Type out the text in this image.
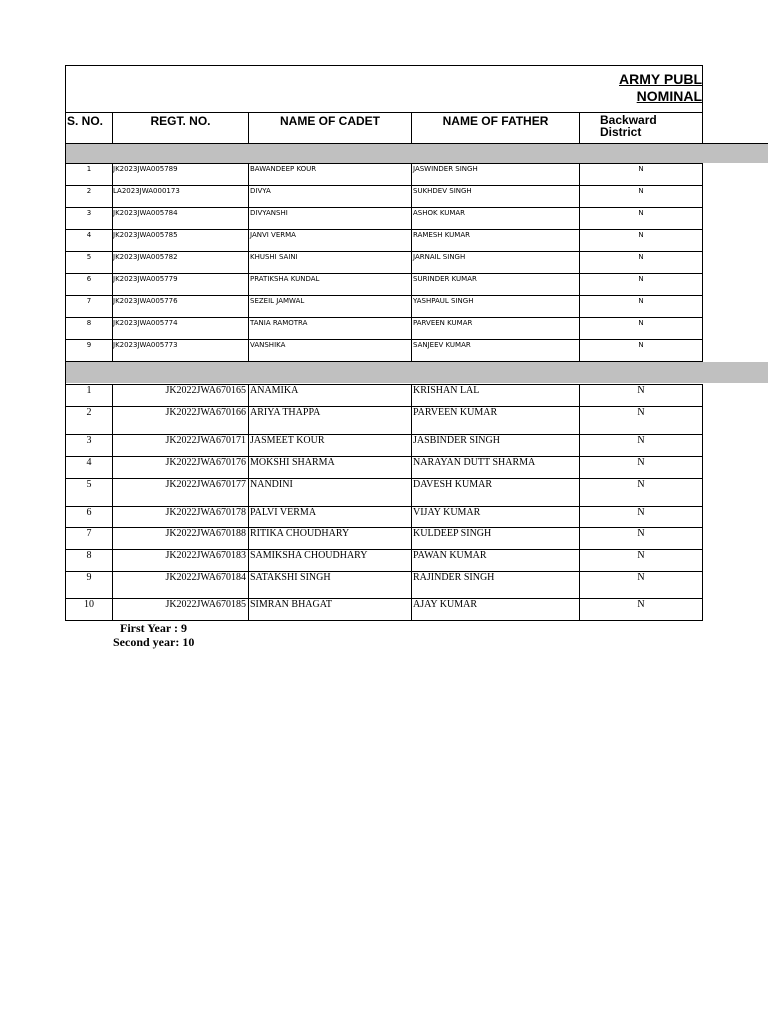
ARMY PUBL
NOMINAL
S. NO.	REGT. NO.	NAME OF CADET	NAME OF FATHER	Backward
District
1	JK2023JWA005789	BAWANDEEP KOUR	JASWINDER SINGH	N
2	LA2023JWA000173	DIVYA	SUKHDEV SINGH	N
3	JK2023JWA005784	DIVYANSHI	ASHOK KUMAR	N
4	JK2023JWA005785	JANVI VERMA	RAMESH KUMAR	N
5	JK2023JWA005782	KHUSHI SAINI	JARNAIL SINGH	N
6	JK2023JWA005779	PRATIKSHA KUNDAL	SURINDER KUMAR	N
7	JK2023JWA005776	SEZEIL JAMWAL	YASHPAUL SINGH	N
8	JK2023JWA005774	TANIA RAMOTRA	PARVEEN KUMAR	N
9	JK2023JWA005773	VANSHIKA	SANJEEV KUMAR	N
1	JK2022JWA670165 ANAMIKA	KRISHAN LAL	N
2	JK2022JWA670166 ARIYA THAPPA	PARVEEN KUMAR	N
3	JK2022JWA670171 JASMEET KOUR	JASBINDER SINGH	N
4	JK2022JWA670176 MOKSHI SHARMA	NARAYAN DUTT SHARMA	N
5	JK2022JWA670177 NANDINI	DAVESH KUMAR	N
6	JK2022JWA670178 PALVI VERMA	VIJAY KUMAR	N
7	JK2022JWA670188 RITIKA CHOUDHARY	KULDEEP SINGH	N
8	JK2022JWA670183 SAMIKSHA CHOUDHARY	PAWAN KUMAR	N
9	JK2022JWA670184 SATAKSHI SINGH	RAJINDER SINGH	N
10	JK2022JWA670185 SIMRAN BHAGAT	AJAY KUMAR	N
First Year : 9
Second year: 10
